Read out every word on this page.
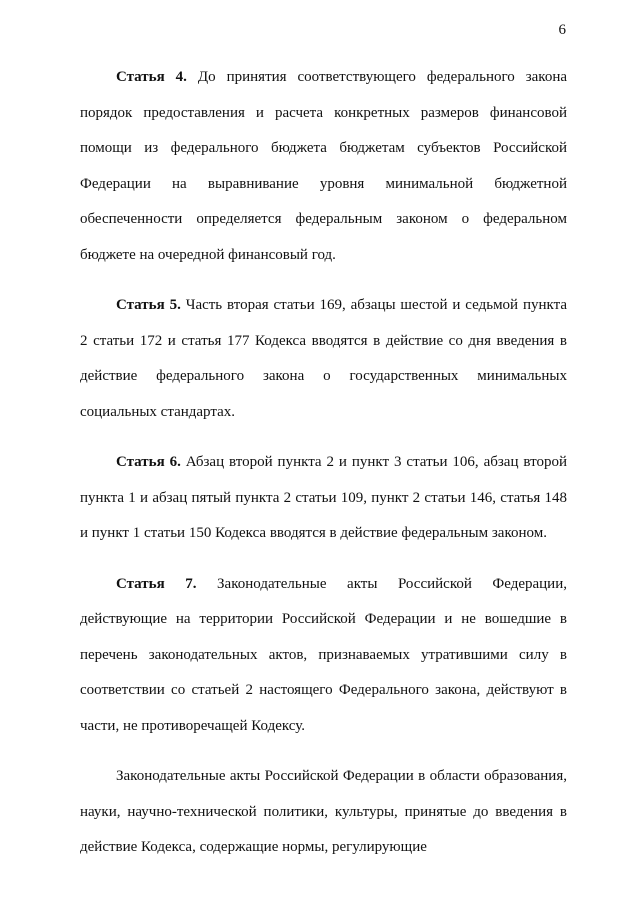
6

Статья 4. До принятия соответствующего федерального закона порядок предоставления и расчета конкретных размеров финансовой помощи из федерального бюджета бюджетам субъектов Российской Федерации на выравнивание уровня минимальной бюджетной обеспеченности определяется федеральным законом о федеральном бюджете на очередной финансовый год.

Статья 5. Часть вторая статьи 169, абзацы шестой и седьмой пункта 2 статьи 172 и статья 177 Кодекса вводятся в действие со дня введения в действие федерального закона о государственных минимальных социальных стандартах.

Статья 6. Абзац второй пункта 2 и пункт 3 статьи 106, абзац второй пункта 1 и абзац пятый пункта 2 статьи 109, пункт 2 статьи 146, статья 148 и пункт 1 статьи 150 Кодекса вводятся в действие федеральным законом.

Статья 7. Законодательные акты Российской Федерации, действующие на территории Российской Федерации и не вошедшие в перечень законодательных актов, признаваемых утратившими силу в соответствии со статьей 2 настоящего Федерального закона, действуют в части, не противоречащей Кодексу.

Законодательные акты Российской Федерации в области образования, науки, научно-технической политики, культуры, принятые до введения в действие Кодекса, содержащие нормы, регулирующие
